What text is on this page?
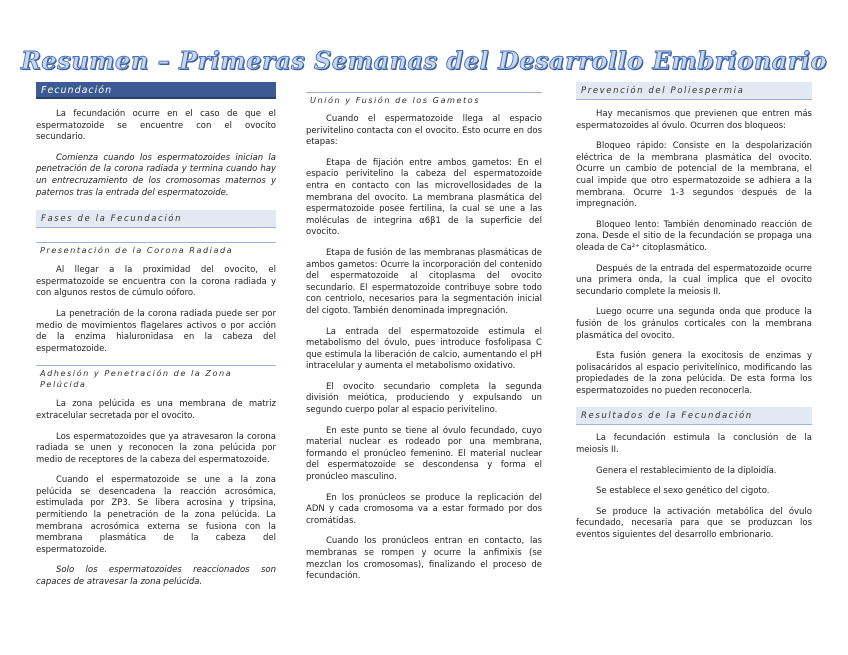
Resumen – Primeras Semanas del Desarrollo Embrionario
Fecundación

La fecundación ocurre en el caso de que el espermatozoide se encuentre con el ovocito secundario.

Comienza cuando los espermatozoides inician la penetración de la corona radiada y termina cuando hay un entrecruzamiento de los cromosomas maternos y paternos tras la entrada del espermatozoide.

Fases de la Fecundación
Presentación de la Corona Radiada

Al llegar a la proximidad del ovocito, el espermatozoide se encuentra con la corona radiada y con algunos restos de cúmulo oóforo.

La penetración de la corona radiada puede ser por medio de movimientos flagelares activos o por acción de la enzima hialuronidasa en la cabeza del espermatozoide.

Adhesión y Penetración de la Zona Pelúcida

La zona pelúcida es una membrana de matriz extracelular secretada por el ovocito.

Los espermatozoides que ya atravesaron la corona radiada se unen y reconocen la zona pelúcida por medio de receptores de la cabeza del espermatozoide.

Cuando el espermatozoide se une a la zona pelúcida se desencadena la reacción acrosómica, estimulada por ZP3. Se libera acrosina y tripsina, permitiendo la penetración de la zona pelúcida. La membrana acrosómica externa se fusiona con la membrana plasmática de la cabeza del espermatozoide.

Solo los espermatozoides reaccionados son capaces de atravesar la zona pelúcida.

Unión y Fusión de los Gametos

Cuando el espermatozoide llega al espacio perivitelino contacta con el ovocito. Esto ocurre en dos etapas:

Etapa de fijación entre ambos gametos: En el espacio perivitelino la cabeza del espermatozoide entra en contacto con las microvellosidades de la membrana del ovocito. La membrana plasmática del espermatozoide posee fertilina, la cual se une a las moléculas de integrina α6β1 de la superficie del ovocito.

Etapa de fusión de las membranas plasmáticas de ambos gametos: Ocurre la incorporación del contenido del espermatozoide al citoplasma del ovocito secundario. El espermatozoide contribuye sobre todo con centriolo, necesarios para la segmentación inicial del cigoto. También denominada impregnación.

La entrada del espermatozoide estimula el metabolismo del óvulo, pues introduce fosfolipasa C que estimula la liberación de calcio, aumentando el pH intracelular y aumenta el metabolismo oxidativo.

El ovocito secundario completa la segunda división meiótica, produciendo y expulsando un segundo cuerpo polar al espacio perivitelino.

En este punto se tiene al óvulo fecundado, cuyo material nuclear es rodeado por una membrana, formando el pronúcleo femenino. El material nuclear del espermatozoide se descondensa y forma el pronúcleo masculino.

En los pronúcleos se produce la replicación del ADN y cada cromosoma va a estar formado por dos cromátidas.

Cuando los pronúcleos entran en contacto, las membranas se rompen y ocurre la anfimixis (se mezclan los cromosomas), finalizando el proceso de fecundación.

Prevención del Poliespermia

Hay mecanismos que previenen que entren más espermatozoides al óvulo. Ocurren dos bloqueos:

Bloqueo rápido: Consiste en la despolarización eléctrica de la membrana plasmática del ovocito. Ocurre un cambio de potencial de la membrana, el cual impide que otro espermatozoide se adhiera a la membrana. Ocurre 1-3 segundos después de la impregnación.

Bloqueo lento: También denominado reacción de zona. Desde el sitio de la fecundación se propaga una oleada de Ca²⁺ citoplasmático.

Después de la entrada del espermatozoide ocurre una primera onda, la cual implica que el ovocito secundario complete la meiosis II.

Luego ocurre una segunda onda que produce la fusión de los gránulos corticales con la membrana plasmática del ovocito.

Esta fusión genera la exocitosis de enzimas y polisacáridos al espacio perivitelínico, modificando las propiedades de la zona pelúcida. De esta forma los espermatozoides no pueden reconocerla.

Resultados de la Fecundación

La fecundación estimula la conclusión de la meiosis II.

Genera el restablecimiento de la diploidía.

Se establece el sexo genético del cigoto.

Se produce la activación metabólica del óvulo fecundado, necesaria para que se produzcan los eventos siguientes del desarrollo embrionario.
